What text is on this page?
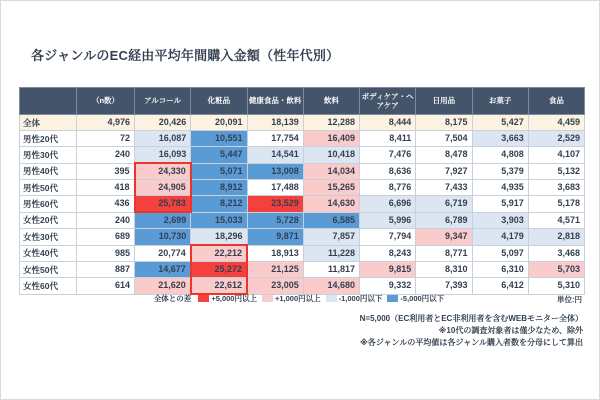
各ジャンルのEC経由平均年間購入金額（性年代別）
	（n数）	アルコール	化粧品	健康食品・飲料	飲料	ボディケア・ヘアケア	日用品	お菓子	食品
全体	4,976	20,426	20,091	18,139	12,288	8,444	8,175	5,427	4,459
男性20代	72	16,087	10,551	17,754	16,409	8,411	7,504	3,663	2,529
男性30代	240	16,093	5,447	14,541	10,418	7,476	8,478	4,808	4,107
男性40代	395	24,330	5,071	13,008	14,034	8,636	7,927	5,379	5,132
男性50代	418	24,905	8,912	17,488	15,265	8,776	7,433	4,935	3,683
男性60代	436	25,783	8,212	23,529	14,630	6,696	6,719	5,917	5,178
女性20代	240	2,699	15,033	5,728	6,585	5,996	6,789	3,903	4,571
女性30代	689	10,730	18,296	9,871	7,857	7,794	9,347	4,179	2,818
女性40代	985	20,774	22,212	18,913	11,228	8,243	8,771	5,097	3,468
女性50代	887	14,677	25,272	21,125	11,817	9,815	8,310	6,310	5,703
女性60代	614	21,620	22,612	23,005	14,680	9,332	7,393	6,412	5,310
全体との差	+5,000円以上 +1,000円以上 -1,000円以下 -5,000円以下	単位:円
N=5,000（EC利用者とEC非利用者を含むWEBモニター全体）
※10代の調査対象者は僅少なため、除外
※各ジャンルの平均値は各ジャンル購入者数を分母にして算出
